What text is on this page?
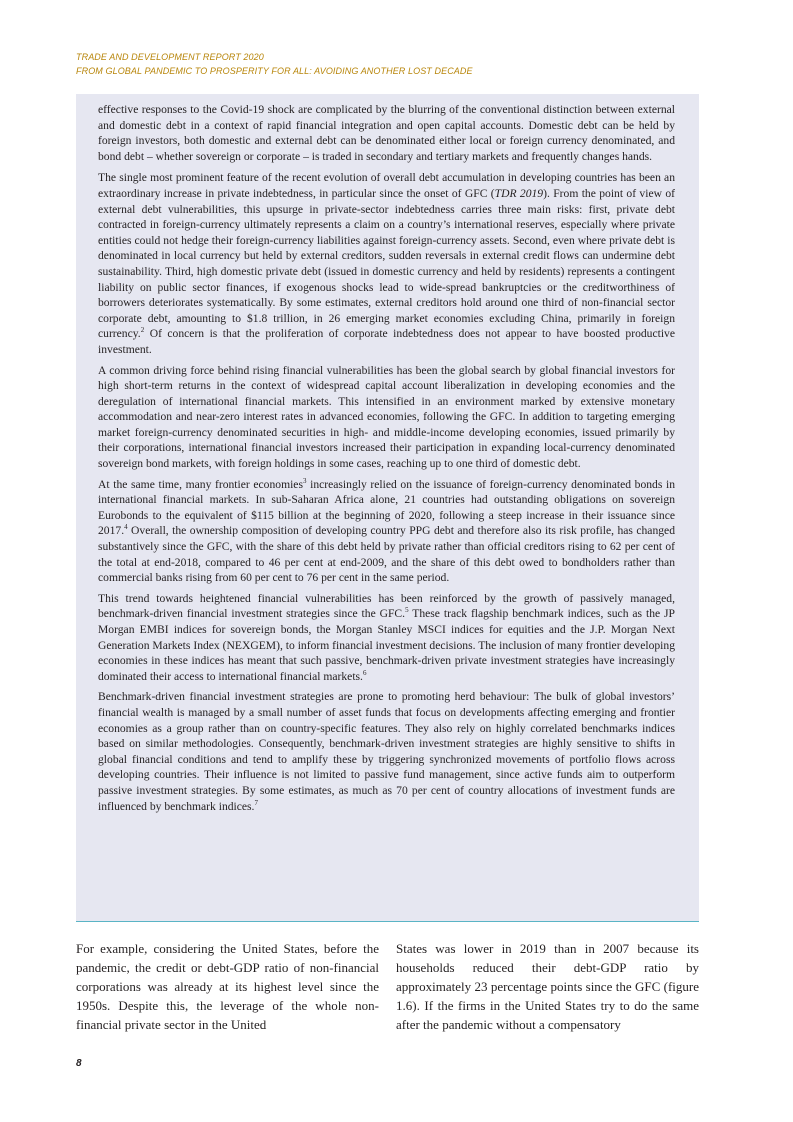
TRADE AND DEVELOPMENT REPORT 2020
FROM GLOBAL PANDEMIC TO PROSPERITY FOR ALL: AVOIDING ANOTHER LOST DECADE

effective responses to the Covid-19 shock are complicated by the blurring of the conventional distinction between external and domestic debt in a context of rapid financial integration and open capital accounts. Domestic debt can be held by foreign investors, both domestic and external debt can be denominated either local or foreign currency denominated, and bond debt – whether sovereign or corporate – is traded in secondary and tertiary markets and frequently changes hands.

The single most prominent feature of the recent evolution of overall debt accumulation in developing countries has been an extraordinary increase in private indebtedness, in particular since the onset of GFC (TDR 2019). From the point of view of external debt vulnerabilities, this upsurge in private-sector indebtedness carries three main risks: first, private debt contracted in foreign-currency ultimately represents a claim on a country’s international reserves, especially where private entities could not hedge their foreign-currency liabilities against foreign-currency assets. Second, even where private debt is denominated in local currency but held by external creditors, sudden reversals in external credit flows can undermine debt sustainability. Third, high domestic private debt (issued in domestic currency and held by residents) represents a contingent liability on public sector finances, if exogenous shocks lead to wide-spread bankruptcies or the creditworthiness of borrowers deteriorates systematically. By some estimates, external creditors hold around one third of non-financial sector corporate debt, amounting to $1.8 trillion, in 26 emerging market economies excluding China, primarily in foreign currency.$^2$ Of concern is that the proliferation of corporate indebtedness does not appear to have boosted productive investment.

A common driving force behind rising financial vulnerabilities has been the global search by global financial investors for high short-term returns in the context of widespread capital account liberalization in developing economies and the deregulation of international financial markets. This intensified in an environment marked by extensive monetary accommodation and near-zero interest rates in advanced economies, following the GFC. In addition to targeting emerging market foreign-currency denominated securities in high- and middle-income developing economies, issued primarily by their corporations, international financial investors increased their participation in expanding local-currency denominated sovereign bond markets, with foreign holdings in some cases, reaching up to one third of domestic debt.

At the same time, many frontier economies$^3$ increasingly relied on the issuance of foreign-currency denominated bonds in international financial markets. In sub-Saharan Africa alone, 21 countries had outstanding obligations on sovereign Eurobonds to the equivalent of $115 billion at the beginning of 2020, following a steep increase in their issuance since 2017.$^4$ Overall, the ownership composition of developing country PPG debt and therefore also its risk profile, has changed substantively since the GFC, with the share of this debt held by private rather than official creditors rising to 62 per cent of the total at end-2018, compared to 46 per cent at end-2009, and the share of this debt owed to bondholders rather than commercial banks rising from 60 per cent to 76 per cent in the same period.

This trend towards heightened financial vulnerabilities has been reinforced by the growth of passively managed, benchmark-driven financial investment strategies since the GFC.$^5$ These track flagship benchmark indices, such as the JP Morgan EMBI indices for sovereign bonds, the Morgan Stanley MSCI indices for equities and the J.P. Morgan Next Generation Markets Index (NEXGEM), to inform financial investment decisions. The inclusion of many frontier developing economies in these indices has meant that such passive, benchmark-driven private investment strategies have increasingly dominated their access to international financial markets.$^6$

Benchmark-driven financial investment strategies are prone to promoting herd behaviour: The bulk of global investors’ financial wealth is managed by a small number of asset funds that focus on developments affecting emerging and frontier economies as a group rather than on country-specific features. They also rely on highly correlated benchmarks indices based on similar methodologies. Consequently, benchmark-driven investment strategies are highly sensitive to shifts in global financial conditions and tend to amplify these by triggering synchronized movements of portfolio flows across developing countries. Their influence is not limited to passive fund management, since active funds aim to outperform passive investment strategies. By some estimates, as much as 70 per cent of country allocations of investment funds are influenced by benchmark indices.$^7$

For example, considering the United States, before the pandemic, the credit or debt-GDP ratio of non-financial corporations was already at its highest level since the 1950s. Despite this, the leverage of the whole non-financial private sector in the United

States was lower in 2019 than in 2007 because its households reduced their debt-GDP ratio by approximately 23 percentage points since the GFC (figure 1.6). If the firms in the United States try to do the same after the pandemic without a compensatory

8
